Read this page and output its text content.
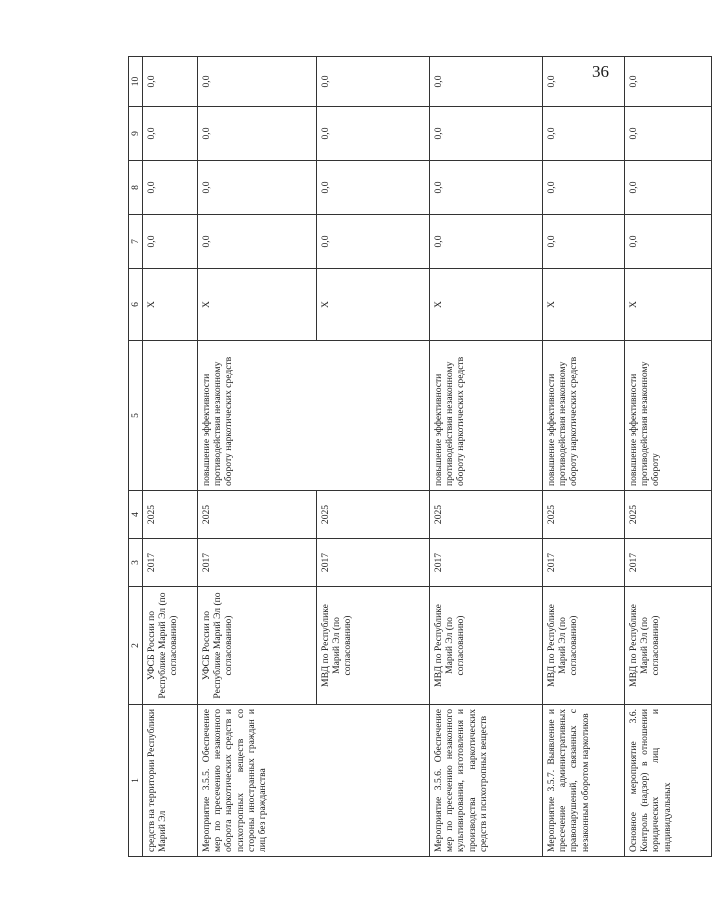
36
1	2	3	4	5	6	7	8	9	10
средств на территории Республики Марий Эл	УФСБ России по Республике Марий Эл (по согласованию)	2017	2025		X	0,0	0,0	0,0	0,0
Мероприятие 3.5.5. Обеспечение мер по пресечению незаконного оборота наркотических средств и психотропных веществ со стороны иностранных граждан и лиц без гражданства	УФСБ России по Республике Марий Эл (по согласованию)	2017	2025	повышение эффективности противодействия незаконному обороту наркотических средств	X	0,0	0,0	0,0	0,0
	МВД по Республике Марий Эл (по согласованию)	2017	2025		X	0,0	0,0	0,0	0,0
Мероприятие 3.5.6. Обеспечение мер по пресечению незаконного культивирования, изготовления и производства наркотических средств и психотропных веществ	МВД по Республике Марий Эл (по согласованию)	2017	2025	повышение эффективности противодействия незаконному обороту наркотических средств	X	0,0	0,0	0,0	0,0
Мероприятие 3.5.7. Выявление и пресечение административных правонарушений, связанных с незаконным оборотом наркотиков	МВД по Республике Марий Эл (по согласованию)	2017	2025	повышение эффективности противодействия незаконному обороту наркотических средств	X	0,0	0,0	0,0	0,0
Основное мероприятие 3.6. Контроль (надзор) в отношении юридических лиц и индивидуальных	МВД по Республике Марий Эл (по согласованию)	2017	2025	повышение эффективности противодействия незаконному обороту	X	0,0	0,0	0,0	0,0
